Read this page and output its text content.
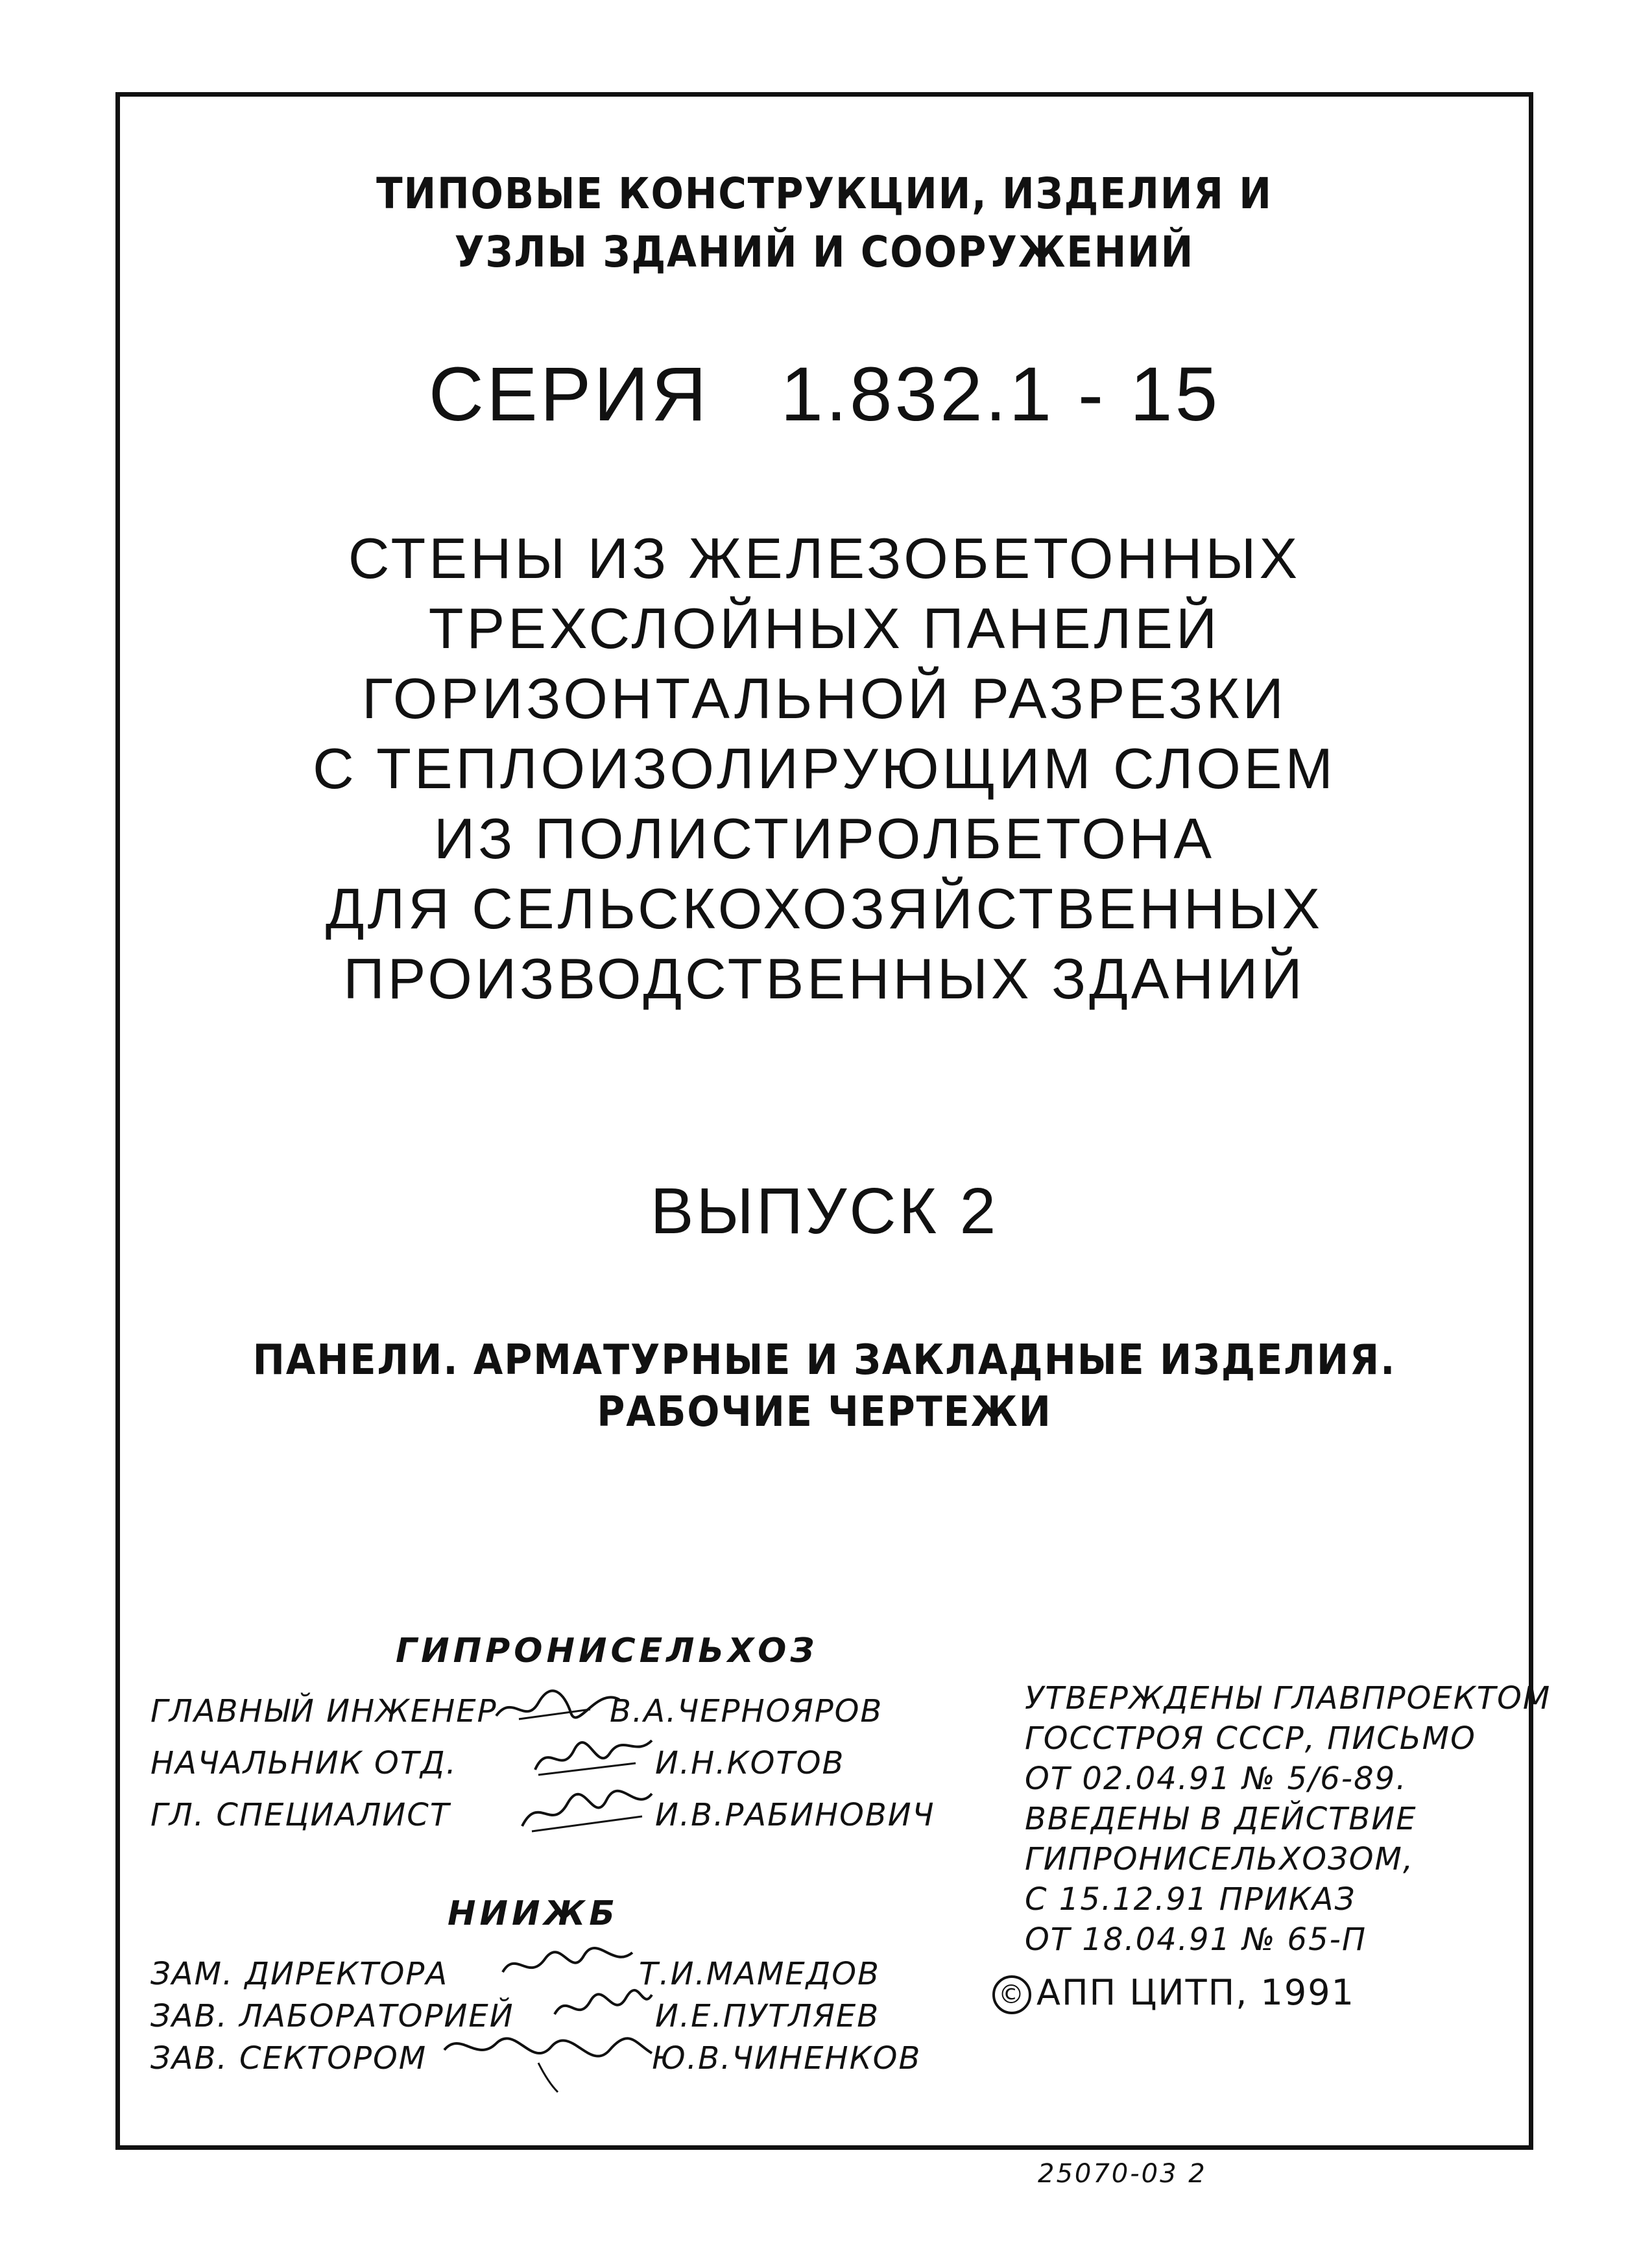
ТИПОВЫЕ КОНСТРУКЦИИ, ИЗДЕЛИЯ И
УЗЛЫ ЗДАНИЙ И СООРУЖЕНИЙ
СЕРИЯ 1.832.1 - 15
СТЕНЫ ИЗ ЖЕЛЕЗОБЕТОННЫХ
ТРЕХСЛОЙНЫХ ПАНЕЛЕЙ
ГОРИЗОНТАЛЬНОЙ РАЗРЕЗКИ
С ТЕПЛОИЗОЛИРУЮЩИМ СЛОЕМ
ИЗ ПОЛИСТИРОЛБЕТОНА
ДЛЯ СЕЛЬСКОХОЗЯЙСТВЕННЫХ
ПРОИЗВОДСТВЕННЫХ ЗДАНИЙ
ВЫПУСК 2
ПАНЕЛИ. АРМАТУРНЫЕ И ЗАКЛАДНЫЕ ИЗДЕЛИЯ.
РАБОЧИЕ ЧЕРТЕЖИ
ГИПРОНИСЕЛЬХОЗ
ГЛАВНЫЙ ИНЖЕНЕР	В.А.ЧЕРНОЯРОВ
НАЧАЛЬНИК ОТД.	И.Н.КОТОВ
ГЛ. СПЕЦИАЛИСТ	И.В.РАБИНОВИЧ
НИИЖБ
ЗАМ. ДИРЕКТОРА	Т.И.МАМЕДОВ
ЗАВ. ЛАБОРАТОРИЕЙ	И.Е.ПУТЛЯЕВ
ЗАВ. СЕКТОРОМ	Ю.В.ЧИНЕНКОВ
УТВЕРЖДЕНЫ ГЛАВПРОЕКТОМ
ГОССТРОЯ СССР, ПИСЬМО
ОТ 02.04.91 № 5/6-89.
ВВЕДЕНЫ В ДЕЙСТВИЕ
ГИПРОНИСЕЛЬХОЗОМ,
С 15.12.91 ПРИКАЗ
ОТ 18.04.91 № 65-П
© АПП ЦИТП, 1991
25070-03 2
